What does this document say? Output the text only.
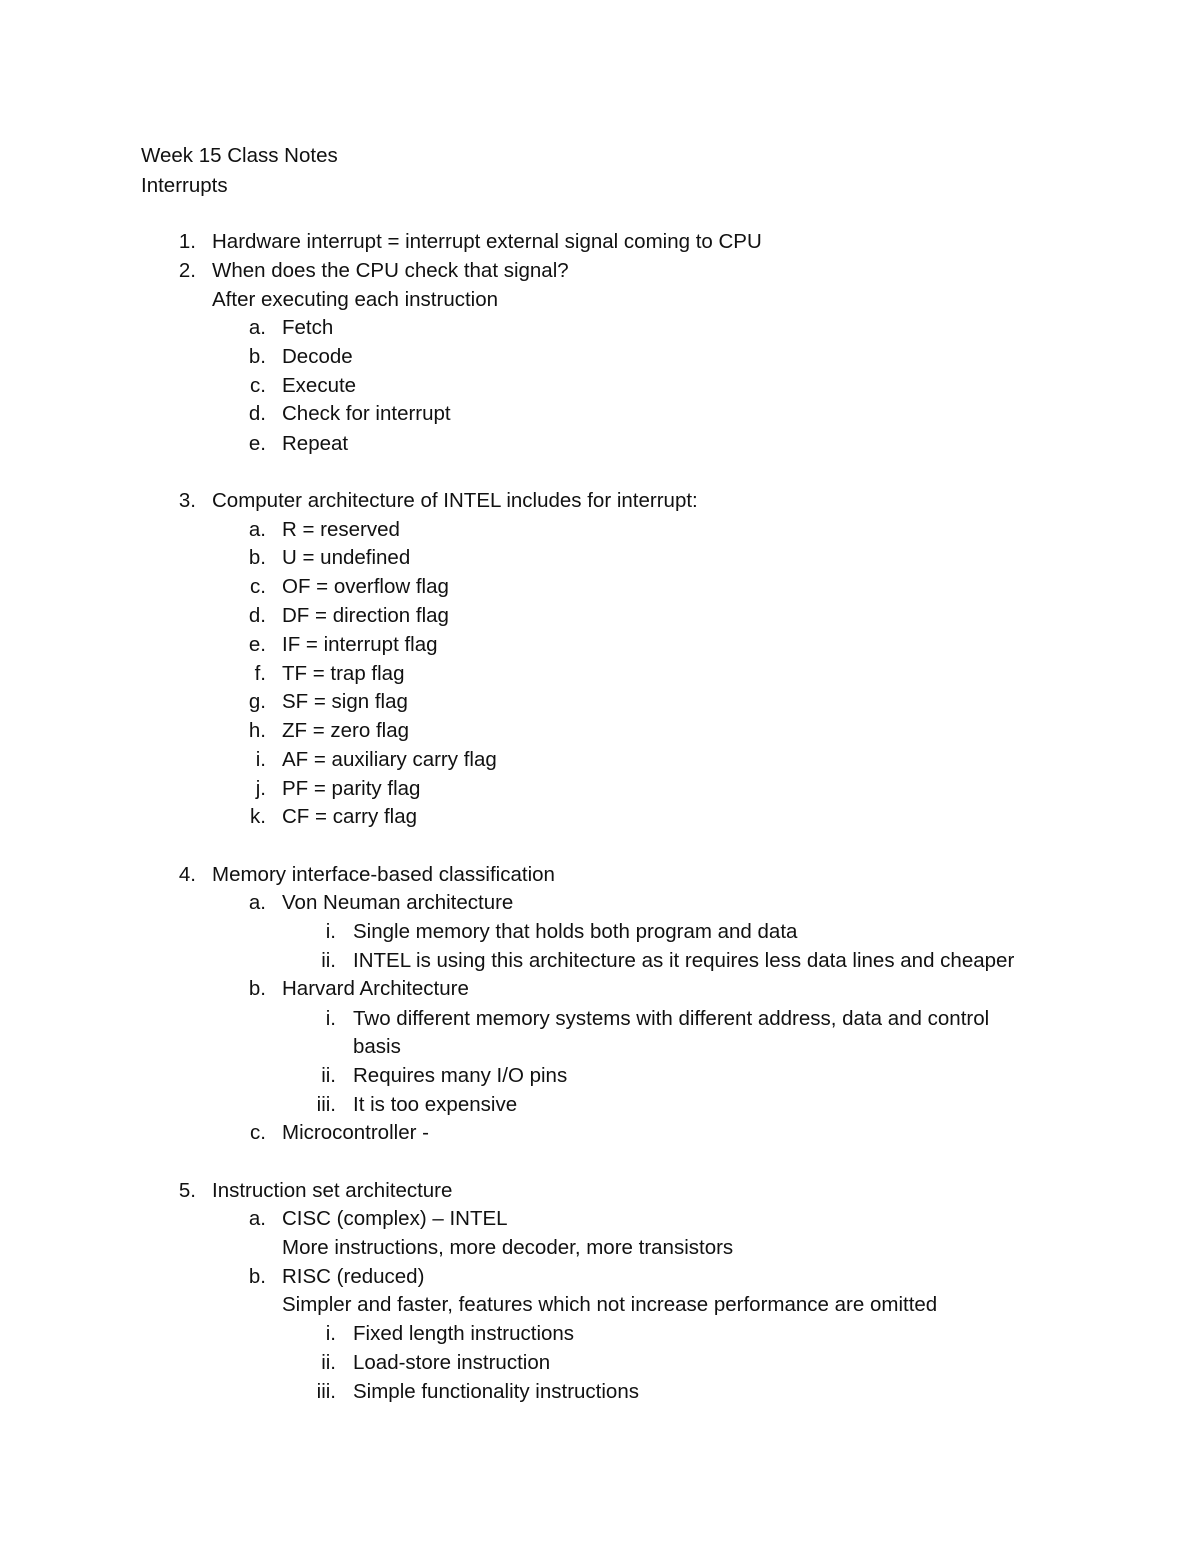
Week 15 Class Notes
Interrupts
1. Hardware interrupt = interrupt external signal coming to CPU
2. When does the CPU check that signal?
After executing each instruction
a. Fetch
b. Decode
c. Execute
d. Check for interrupt
e. Repeat
3. Computer architecture of INTEL includes for interrupt:
a. R = reserved
b. U = undefined
c. OF = overflow flag
d. DF = direction flag
e. IF = interrupt flag
f. TF = trap flag
g. SF = sign flag
h. ZF = zero flag
i. AF = auxiliary carry flag
j. PF = parity flag
k. CF = carry flag
4. Memory interface-based classification
a. Von Neuman architecture
i. Single memory that holds both program and data
ii. INTEL is using this architecture as it requires less data lines and cheaper
b. Harvard Architecture
i. Two different memory systems with different address, data and control
basis
ii. Requires many I/O pins
iii. It is too expensive
c. Microcontroller -
5. Instruction set architecture
a. CISC (complex) – INTEL
More instructions, more decoder, more transistors
b. RISC (reduced)
Simpler and faster, features which not increase performance are omitted
i. Fixed length instructions
ii. Load-store instruction
iii. Simple functionality instructions
